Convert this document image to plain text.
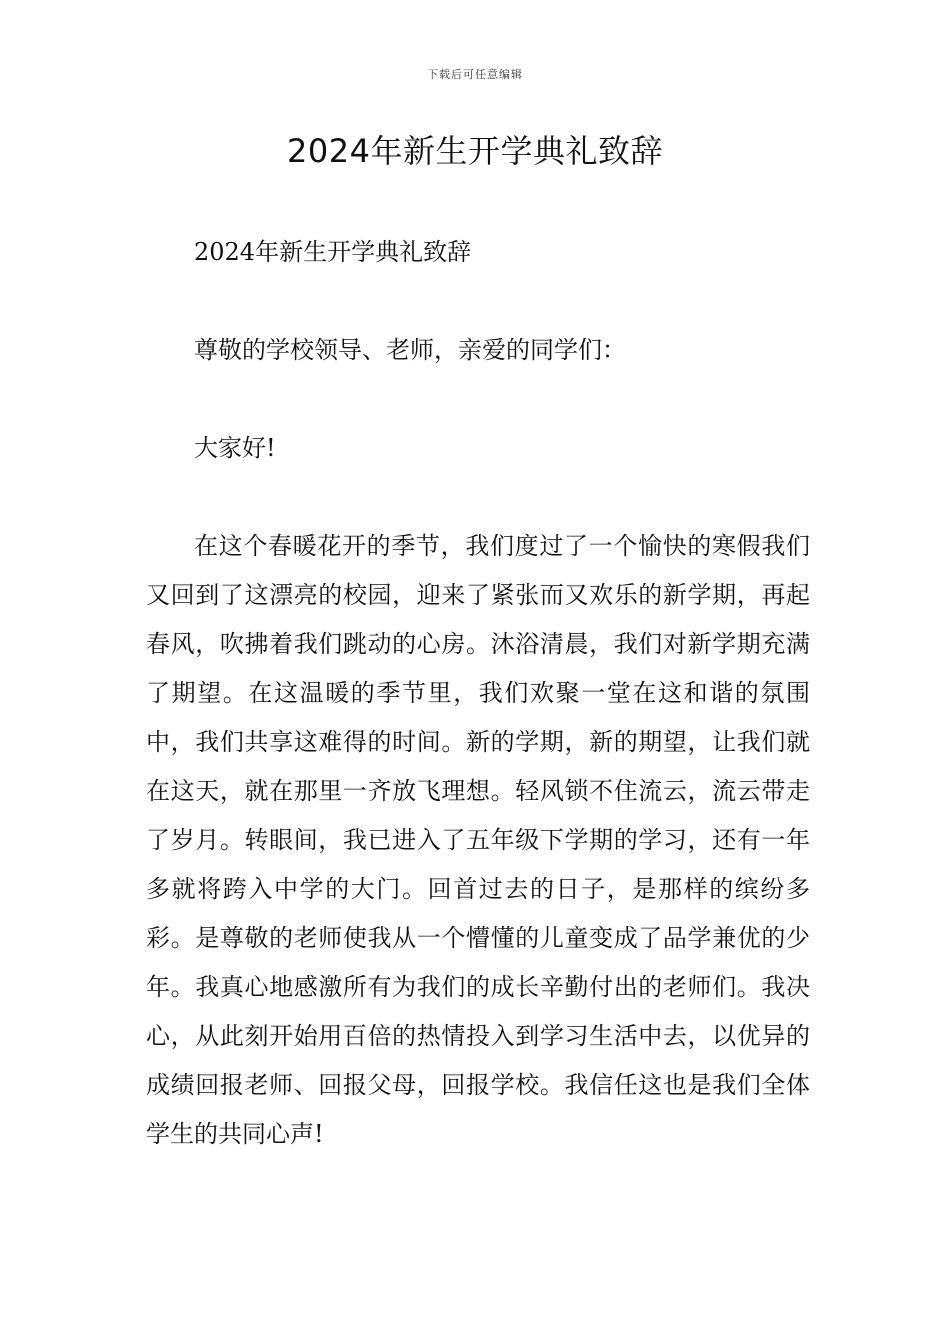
下载后可任意编辑
2024年新生开学典礼致辞

2024年新生开学典礼致辞

尊敬的学校领导、老师，亲爱的同学们：

大家好!

在这个春暖花开的季节，我们度过了一个愉快的寒假我们又回到了这漂亮的校园，迎来了紧张而又欢乐的新学期，再起春风，吹拂着我们跳动的心房。沐浴清晨，我们对新学期充满了期望。在这温暖的季节里，我们欢聚一堂在这和谐的氛围中，我们共享这难得的时间。新的学期，新的期望，让我们就在这天，就在那里一齐放飞理想。轻风锁不住流云，流云带走了岁月。转眼间，我已进入了五年级下学期的学习，还有一年多就将跨入中学的大门。回首过去的日子，是那样的缤纷多彩。是尊敬的老师使我从一个懵懂的儿童变成了品学兼优的少年。我真心地感激所有为我们的成长辛勤付出的老师们。我决心，从此刻开始用百倍的热情投入到学习生活中去，以优异的成绩回报老师、回报父母，回报学校。我信任这也是我们全体学生的共同心声!
